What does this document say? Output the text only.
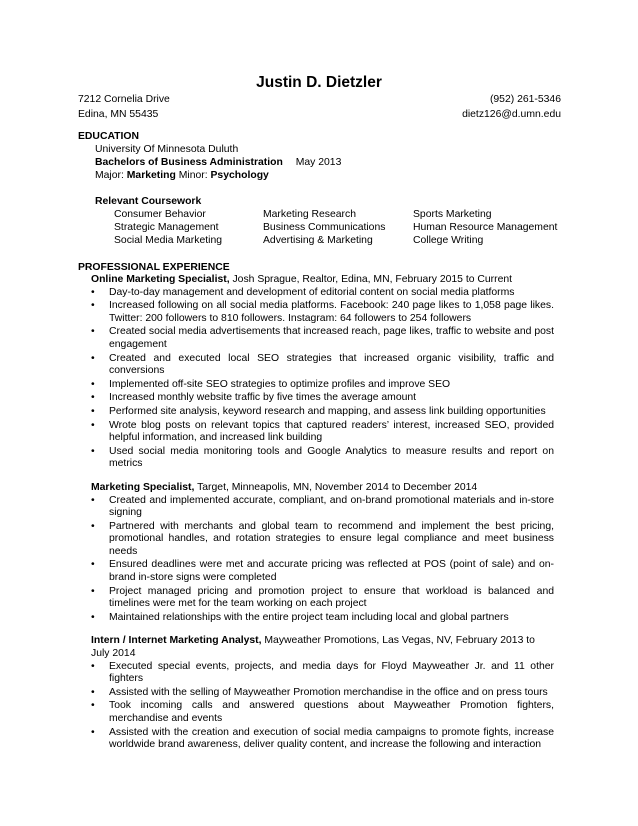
Justin D. Dietzler
7212 Cornelia Drive	(952) 261-5346
Edina, MN 55435	dietz126@d.umn.edu
EDUCATION
University Of Minnesota Duluth
Bachelors of Business Administration May 2013
Major: Marketing Minor: Psychology
Relevant Coursework
Consumer Behavior	Marketing Research	Sports Marketing
Strategic Management	Business Communications	Human Resource Management
Social Media Marketing	Advertising & Marketing	College Writing
PROFESSIONAL EXPERIENCE
Online Marketing Specialist, Josh Sprague, Realtor, Edina, MN, February 2015 to Current
• Day-to-day management and development of editorial content on social media platforms
• Increased following on all social media platforms. Facebook: 240 page likes to 1,058 page likes. Twitter: 200 followers to 810 followers. Instagram: 64 followers to 254 followers
• Created social media advertisements that increased reach, page likes, traffic to website and post engagement
• Created and executed local SEO strategies that increased organic visibility, traffic and conversions
• Implemented off-site SEO strategies to optimize profiles and improve SEO
• Increased monthly website traffic by five times the average amount
• Performed site analysis, keyword research and mapping, and assess link building opportunities
• Wrote blog posts on relevant topics that captured readers’ interest, increased SEO, provided helpful information, and increased link building
• Used social media monitoring tools and Google Analytics to measure results and report on metrics
Marketing Specialist, Target, Minneapolis, MN, November 2014 to December 2014
• Created and implemented accurate, compliant, and on-brand promotional materials and in-store signing
• Partnered with merchants and global team to recommend and implement the best pricing, promotional handles, and rotation strategies to ensure legal compliance and meet business needs
• Ensured deadlines were met and accurate pricing was reflected at POS (point of sale) and on-brand in-store signs were completed
• Project managed pricing and promotion project to ensure that workload is balanced and timelines were met for the team working on each project
• Maintained relationships with the entire project team including local and global partners
Intern / Internet Marketing Analyst, Mayweather Promotions, Las Vegas, NV, February 2013 to July 2014
• Executed special events, projects, and media days for Floyd Mayweather Jr. and 11 other fighters
• Assisted with the selling of Mayweather Promotion merchandise in the office and on press tours
• Took incoming calls and answered questions about Mayweather Promotion fighters, merchandise and events
• Assisted with the creation and execution of social media campaigns to promote fights, increase worldwide brand awareness, deliver quality content, and increase the following and interaction
